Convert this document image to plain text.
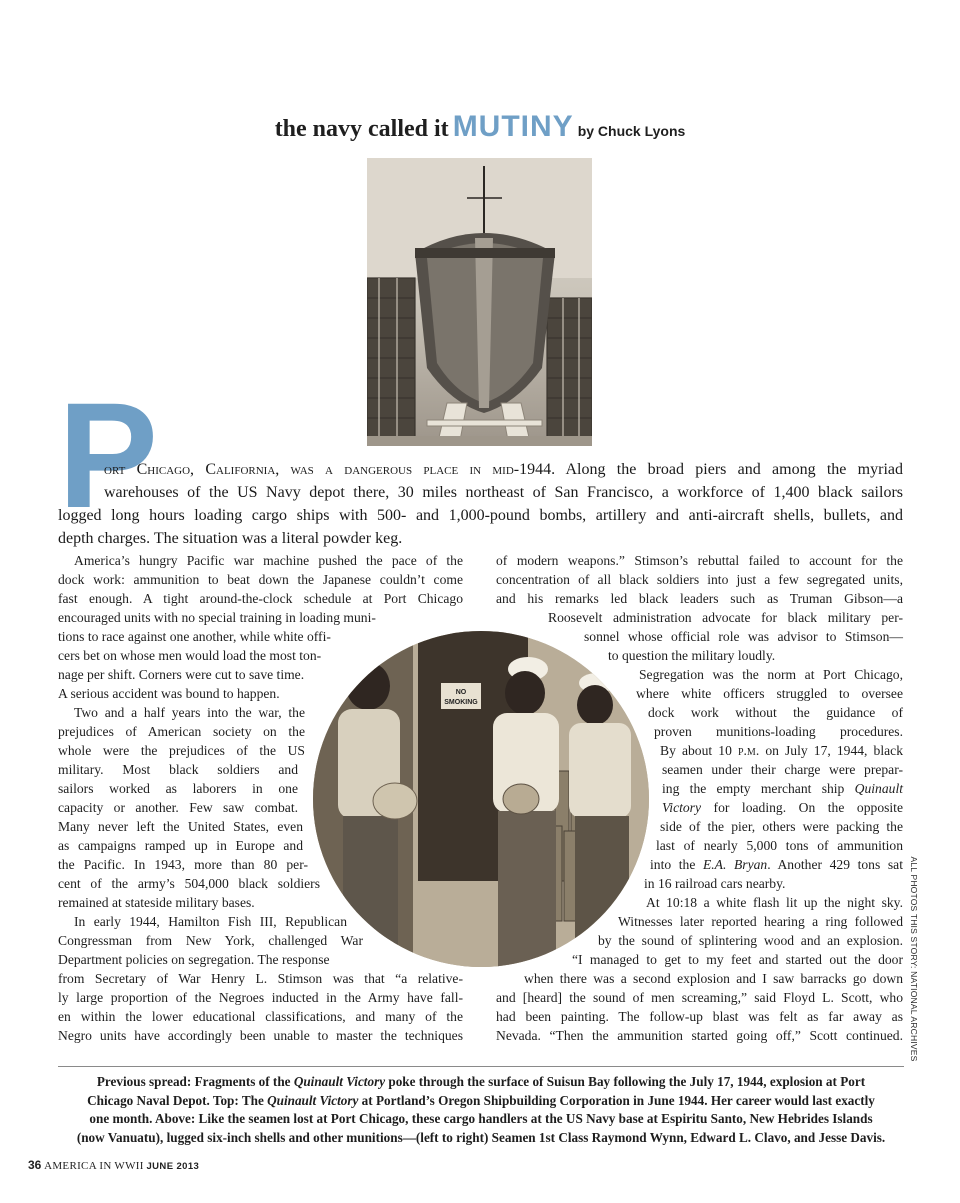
the navy called it MUTINY by Chuck Lyons
P
ort Chicago, California, was a dangerous place in mid-1944. Along the broad piers and among the myriad
warehouses of the US Navy depot there, 30 miles northeast of San Francisco, a workforce of 1,400 black sailors
logged long hours loading cargo ships with 500- and 1,000-pound bombs, artillery and anti-aircraft shells, bullets, and
depth charges. The situation was a literal powder keg.

America’s hungry Pacific war machine pushed the pace of the

dock work: ammunition to beat down the Japanese couldn’t come

fast enough. A tight around-the-clock schedule at Port Chicago

encouraged units with no special training in loading muni-

tions to race against one another, while white offi-

cers bet on whose men would load the most ton-

nage per shift. Corners were cut to save time.

A serious accident was bound to happen.

Two and a half years into the war, the

prejudices of American society on the

whole were the prejudices of the US

military. Most black soldiers and

sailors worked as laborers in one

capacity or another. Few saw combat.

Many never left the United States, even

as campaigns ramped up in Europe and

the Pacific. In 1943, more than 80 per-

cent of the army’s 504,000 black soldiers

remained at stateside military bases.

In early 1944, Hamilton Fish III, Republican

Congressman from New York, challenged War

Department policies on segregation. The response

from Secretary of War Henry L. Stimson was that “a relative-

ly large proportion of the Negroes inducted in the Army have fall-

en within the lower educational classifications, and many of the

Negro units have accordingly been unable to master the techniques

of modern weapons.” Stimson’s rebuttal failed to account for the

concentration of all black soldiers into just a few segregated units,

and his remarks led black leaders such as Truman Gibson—a

Roosevelt administration advocate for black military per-

sonnel whose official role was advisor to Stimson—

to question the military loudly.

Segregation was the norm at Port Chicago,

where white officers struggled to oversee

dock work without the guidance of

proven munitions-loading procedures.

By about 10 p.m. on July 17, 1944, black

seamen under their charge were prepar-

ing the empty merchant ship Quinault

Victory for loading. On the opposite

side of the pier, others were packing the

last of nearly 5,000 tons of ammunition

into the E.A. Bryan. Another 429 tons sat

in 16 railroad cars nearby.

At 10:18 a white flash lit up the night sky.

Witnesses later reported hearing a ring followed

by the sound of splintering wood and an explosion.

“I managed to get to my feet and started out the door

when there was a second explosion and I saw barracks go down

and [heard] the sound of men screaming,” said Floyd L. Scott, who

had been painting. The follow-up blast was felt as far away as

Nevada. “Then the ammunition started going off,” Scott continued.

NO
SMOKING
ALL PHOTOS THIS STORY: NATIONAL ARCHIVES

Previous spread: Fragments of the Quinault Victory poke through the surface of Suisun Bay following the July 17, 1944, explosion at Port

Chicago Naval Depot. Top: The Quinault Victory at Portland’s Oregon Shipbuilding Corporation in June 1944. Her career would last exactly

one month. Above: Like the seamen lost at Port Chicago, these cargo handlers at the US Navy base at Espiritu Santo, New Hebrides Islands

(now Vanuatu), lugged six-inch shells and other munitions—(left to right) Seamen 1st Class Raymond Wynn, Edward L. Clavo, and Jesse Davis.

36 AMERICA IN WWII JUNE 2013
